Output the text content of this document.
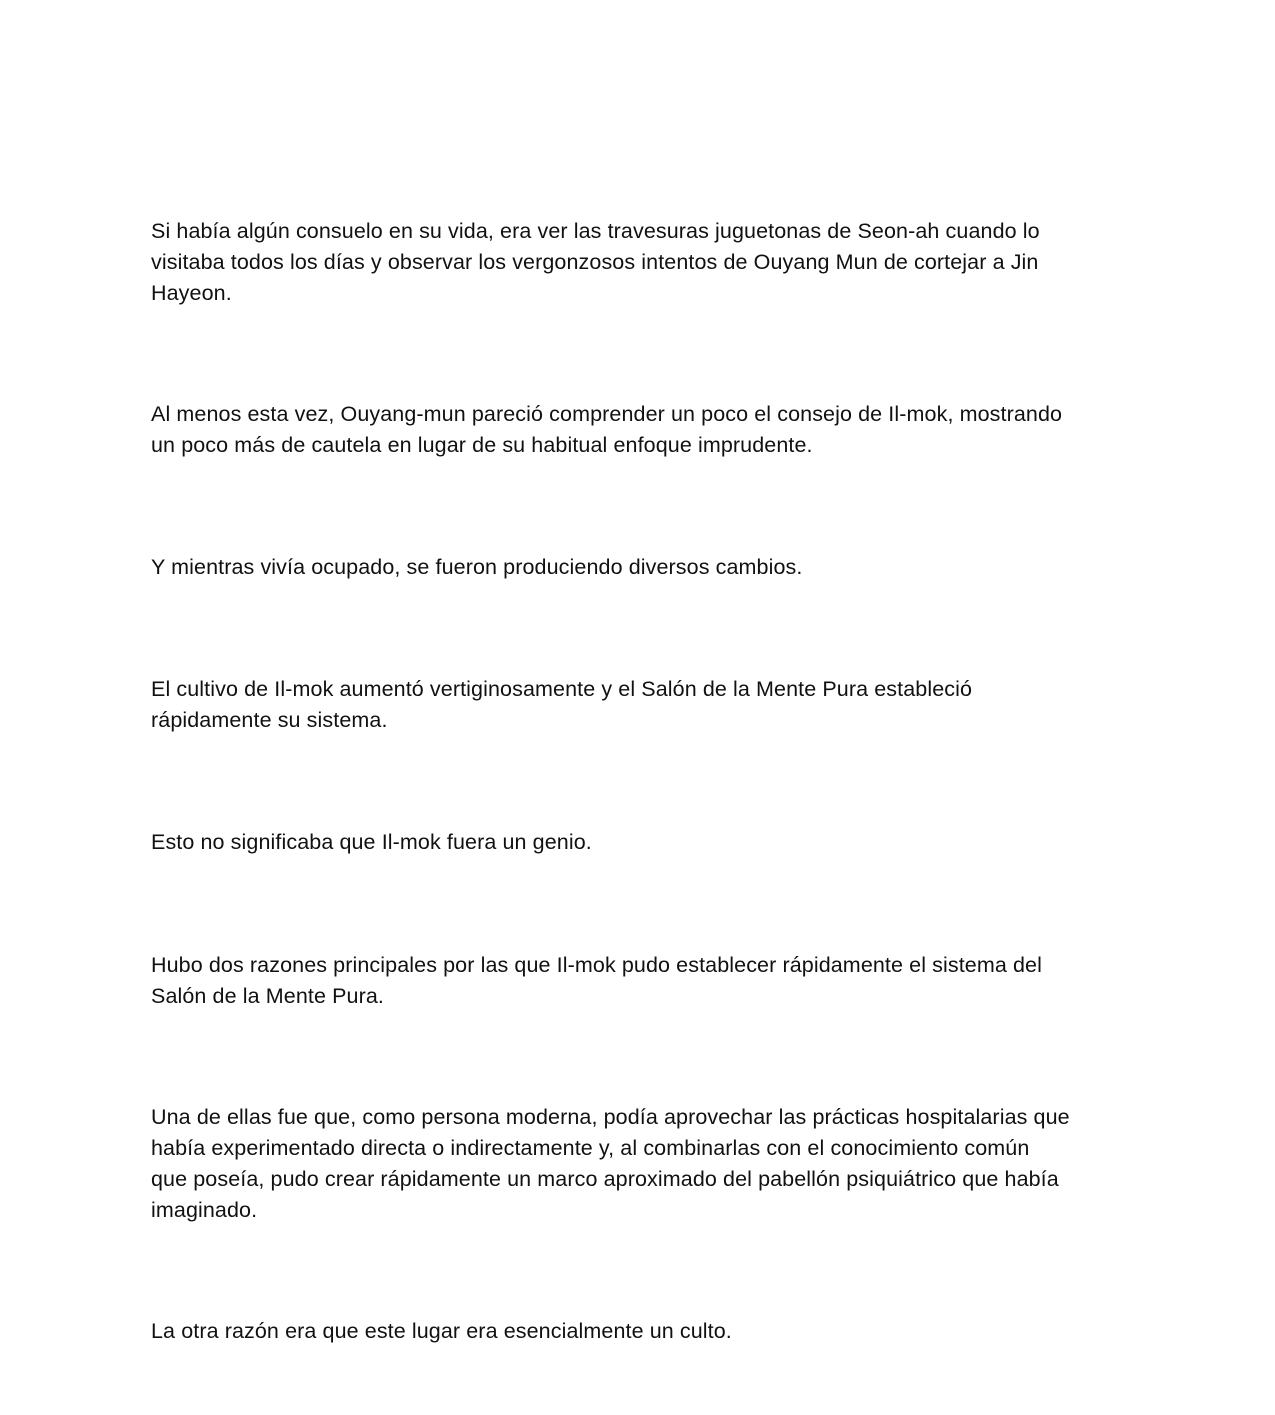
Si había algún consuelo en su vida, era ver las travesuras juguetonas de Seon-ah cuando lo
visitaba todos los días y observar los vergonzosos intentos de Ouyang Mun de cortejar a Jin
Hayeon.

Al menos esta vez, Ouyang-mun pareció comprender un poco el consejo de Il-mok, mostrando
un poco más de cautela en lugar de su habitual enfoque imprudente.

Y mientras vivía ocupado, se fueron produciendo diversos cambios.

El cultivo de Il-mok aumentó vertiginosamente y el Salón de la Mente Pura estableció
rápidamente su sistema.

Esto no significaba que Il-mok fuera un genio.

Hubo dos razones principales por las que Il-mok pudo establecer rápidamente el sistema del
Salón de la Mente Pura.

Una de ellas fue que, como persona moderna, podía aprovechar las prácticas hospitalarias que
había experimentado directa o indirectamente y, al combinarlas con el conocimiento común
que poseía, pudo crear rápidamente un marco aproximado del pabellón psiquiátrico que había
imaginado.

La otra razón era que este lugar era esencialmente un culto.
